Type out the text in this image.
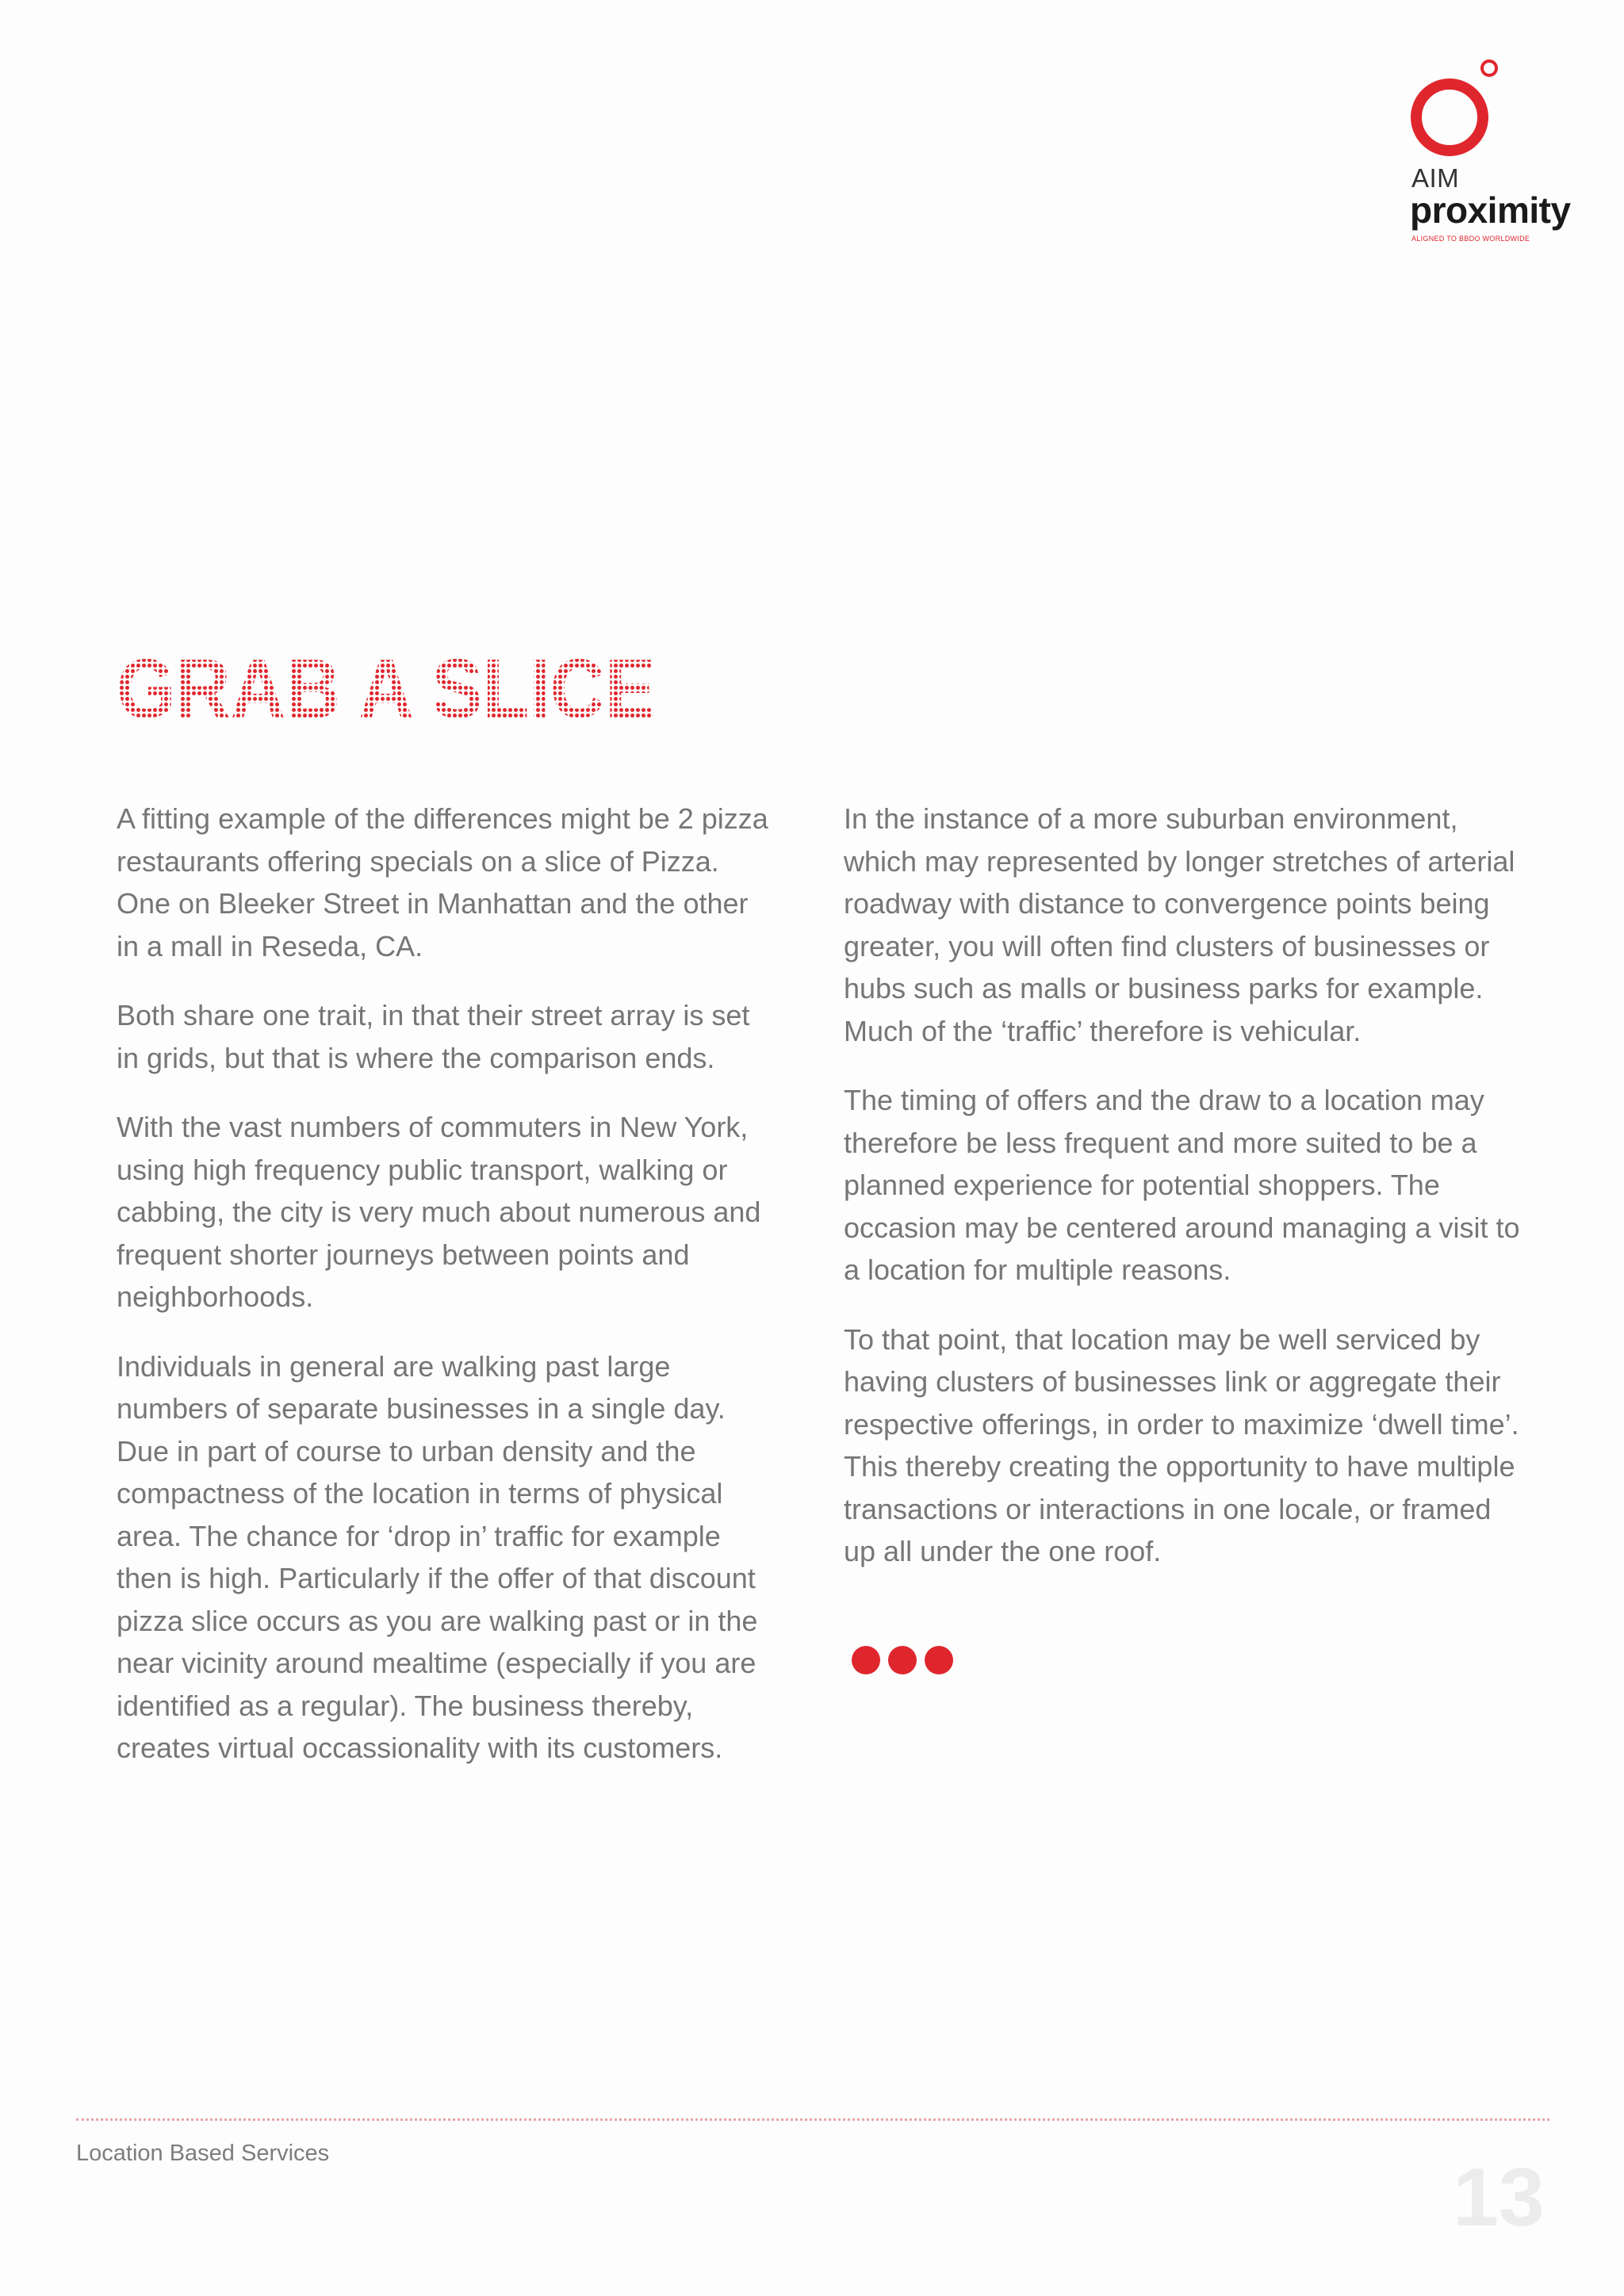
AIM
proximity
ALIGNED TO BBDO WORLDWIDE
GRAB A SLICE

A fitting example of the differences might be 2 pizza restaurants offering specials on a slice of Pizza. One on Bleeker Street in Manhattan and the other in a mall in Reseda, CA.

Both share one trait, in that their street array is set in grids, but that is where the comparison ends.

With the vast numbers of commuters in New York, using high frequency public transport, walking or cabbing, the city is very much about numerous and frequent shorter journeys between points and neighborhoods.

Individuals in general are walking past large numbers of separate businesses in a single day. Due in part of course to urban density and the compactness of the location in terms of physical area. The chance for ‘drop in’ traffic for example then is high. Particularly if the offer of that discount pizza slice occurs as you are walking past or in the near vicinity around mealtime (especially if you are identified as a regular). The business thereby, creates virtual occassionality with its customers.

In the instance of a more suburban environment, which may represented by longer stretches of arterial roadway with distance to convergence points being greater, you will often find clusters of businesses or hubs such as malls or business parks for example. Much of the ‘traffic’ therefore is vehicular.

The timing of offers and the draw to a location may therefore be less frequent and more suited to be a planned experience for potential shoppers. The occasion may be centered around managing a visit to a location for multiple reasons.

To that point, that location may be well serviced by having clusters of businesses link or aggregate their respective offerings, in order to maximize ‘dwell time’. This thereby creating the opportunity to have multiple transactions or interactions in one locale, or framed up all under the one roof.

Location Based Services	13
